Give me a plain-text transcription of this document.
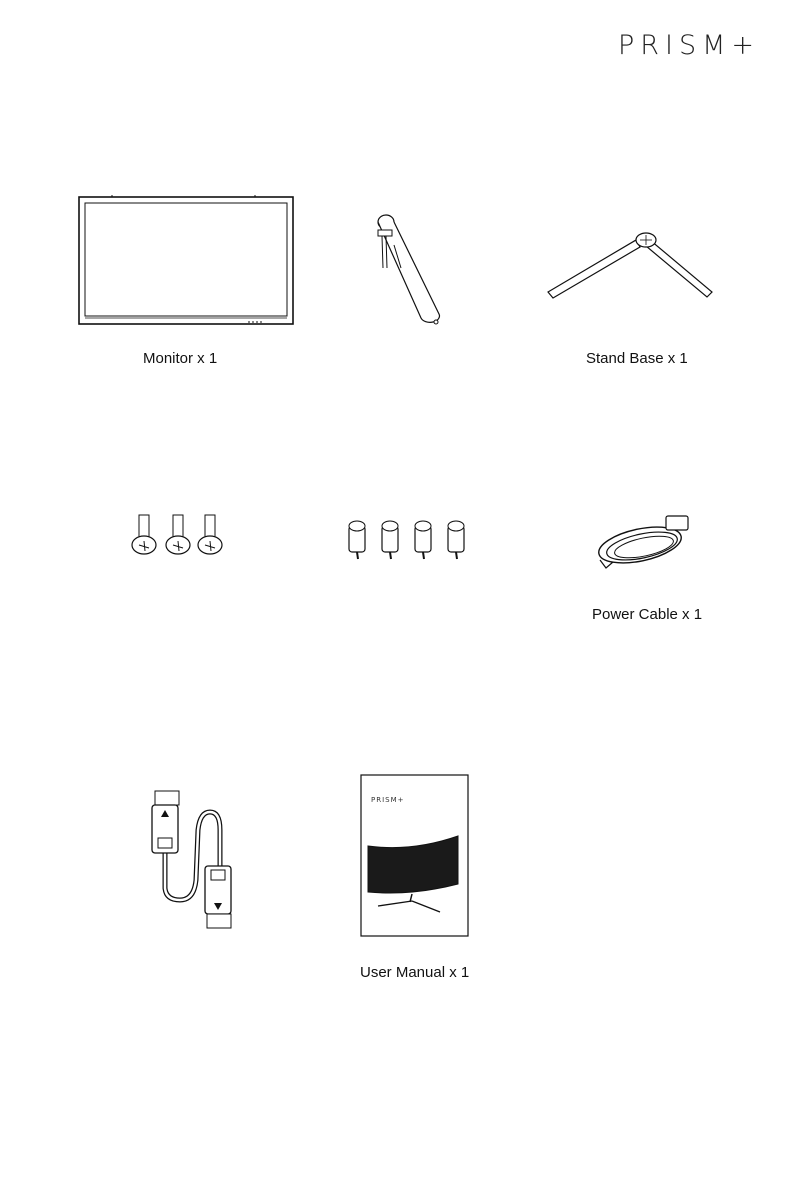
PRISM+
Monitor x 1	Stand Base x 1
Power Cable x 1
PRISM+
User Manual x 1
